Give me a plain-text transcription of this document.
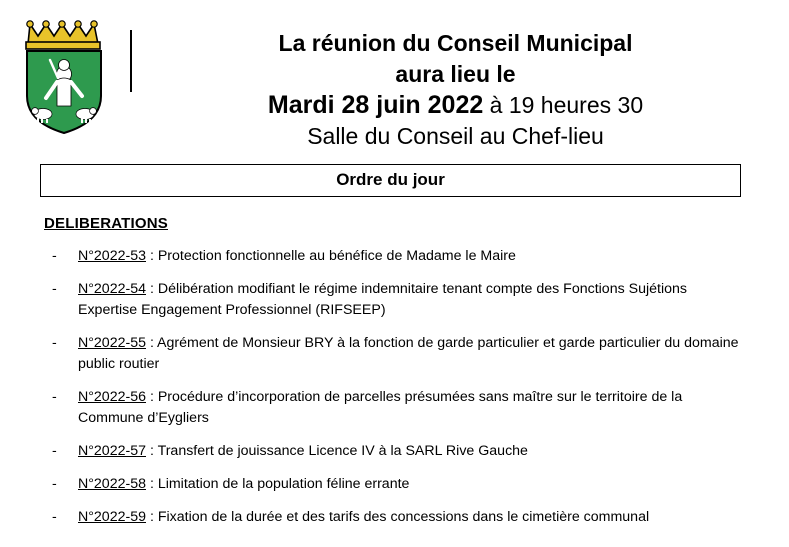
La réunion du Conseil Municipal
aura lieu le
Mardi 28 juin 2022 à 19 heures 30
Salle du Conseil au Chef-lieu
Ordre du jour
DELIBERATIONS
-	N°2022-53 : Protection fonctionnelle au bénéfice de Madame le Maire
-	N°2022-54 : Délibération modifiant le régime indemnitaire tenant compte des Fonctions Sujétions Expertise Engagement Professionnel (RIFSEEP)
-	N°2022-55 : Agrément de Monsieur BRY à la fonction de garde particulier et garde particulier du domaine public routier
-	N°2022-56 : Procédure d’incorporation de parcelles présumées sans maître sur le territoire de la Commune d’Eygliers
-	N°2022-57 : Transfert de jouissance Licence IV à la SARL Rive Gauche
-	N°2022-58 : Limitation de la population féline errante
-	N°2022-59 : Fixation de la durée et des tarifs des concessions dans le cimetière communal
